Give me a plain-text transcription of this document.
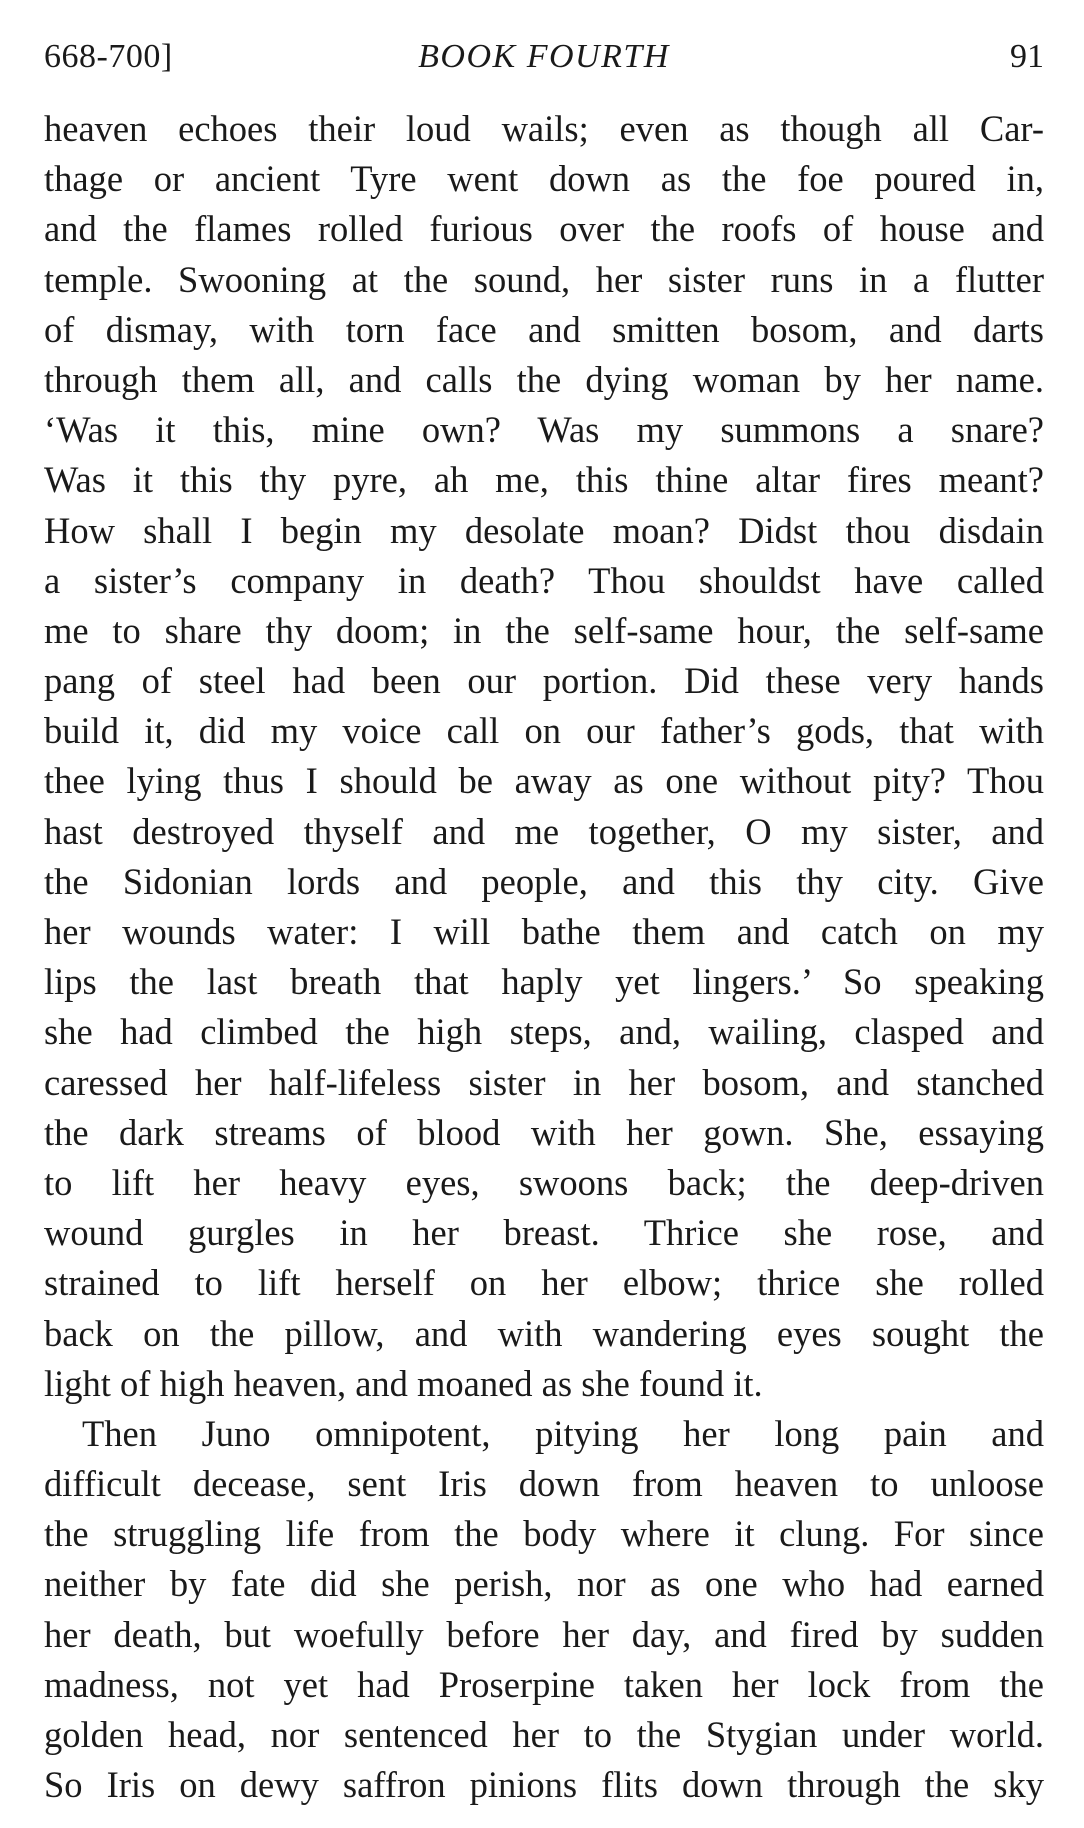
668-700]	BOOK FOURTH	91
heaven echoes their loud wails; even as though all Car-
thage or ancient Tyre went down as the foe poured in,
and the flames rolled furious over the roofs of house and
temple. Swooning at the sound, her sister runs in a flutter
of dismay, with torn face and smitten bosom, and darts
through them all, and calls the dying woman by her name.
‘Was it this, mine own? Was my summons a snare?
Was it this thy pyre, ah me, this thine altar fires meant?
How shall I begin my desolate moan? Didst thou disdain
a sister’s company in death? Thou shouldst have called
me to share thy doom; in the self-same hour, the self-same
pang of steel had been our portion. Did these very hands
build it, did my voice call on our father’s gods, that with
thee lying thus I should be away as one without pity? Thou
hast destroyed thyself and me together, O my sister, and
the Sidonian lords and people, and this thy city. Give
her wounds water: I will bathe them and catch on my
lips the last breath that haply yet lingers.’ So speaking
she had climbed the high steps, and, wailing, clasped and
caressed her half-lifeless sister in her bosom, and stanched
the dark streams of blood with her gown. She, essaying
to lift her heavy eyes, swoons back; the deep-driven
wound gurgles in her breast. Thrice she rose, and
strained to lift herself on her elbow; thrice she rolled
back on the pillow, and with wandering eyes sought the
light of high heaven, and moaned as she found it.
Then Juno omnipotent, pitying her long pain and
difficult decease, sent Iris down from heaven to unloose
the struggling life from the body where it clung. For since
neither by fate did she perish, nor as one who had earned
her death, but woefully before her day, and fired by sudden
madness, not yet had Proserpine taken her lock from the
golden head, nor sentenced her to the Stygian under world.
So Iris on dewy saffron pinions flits down through the sky
